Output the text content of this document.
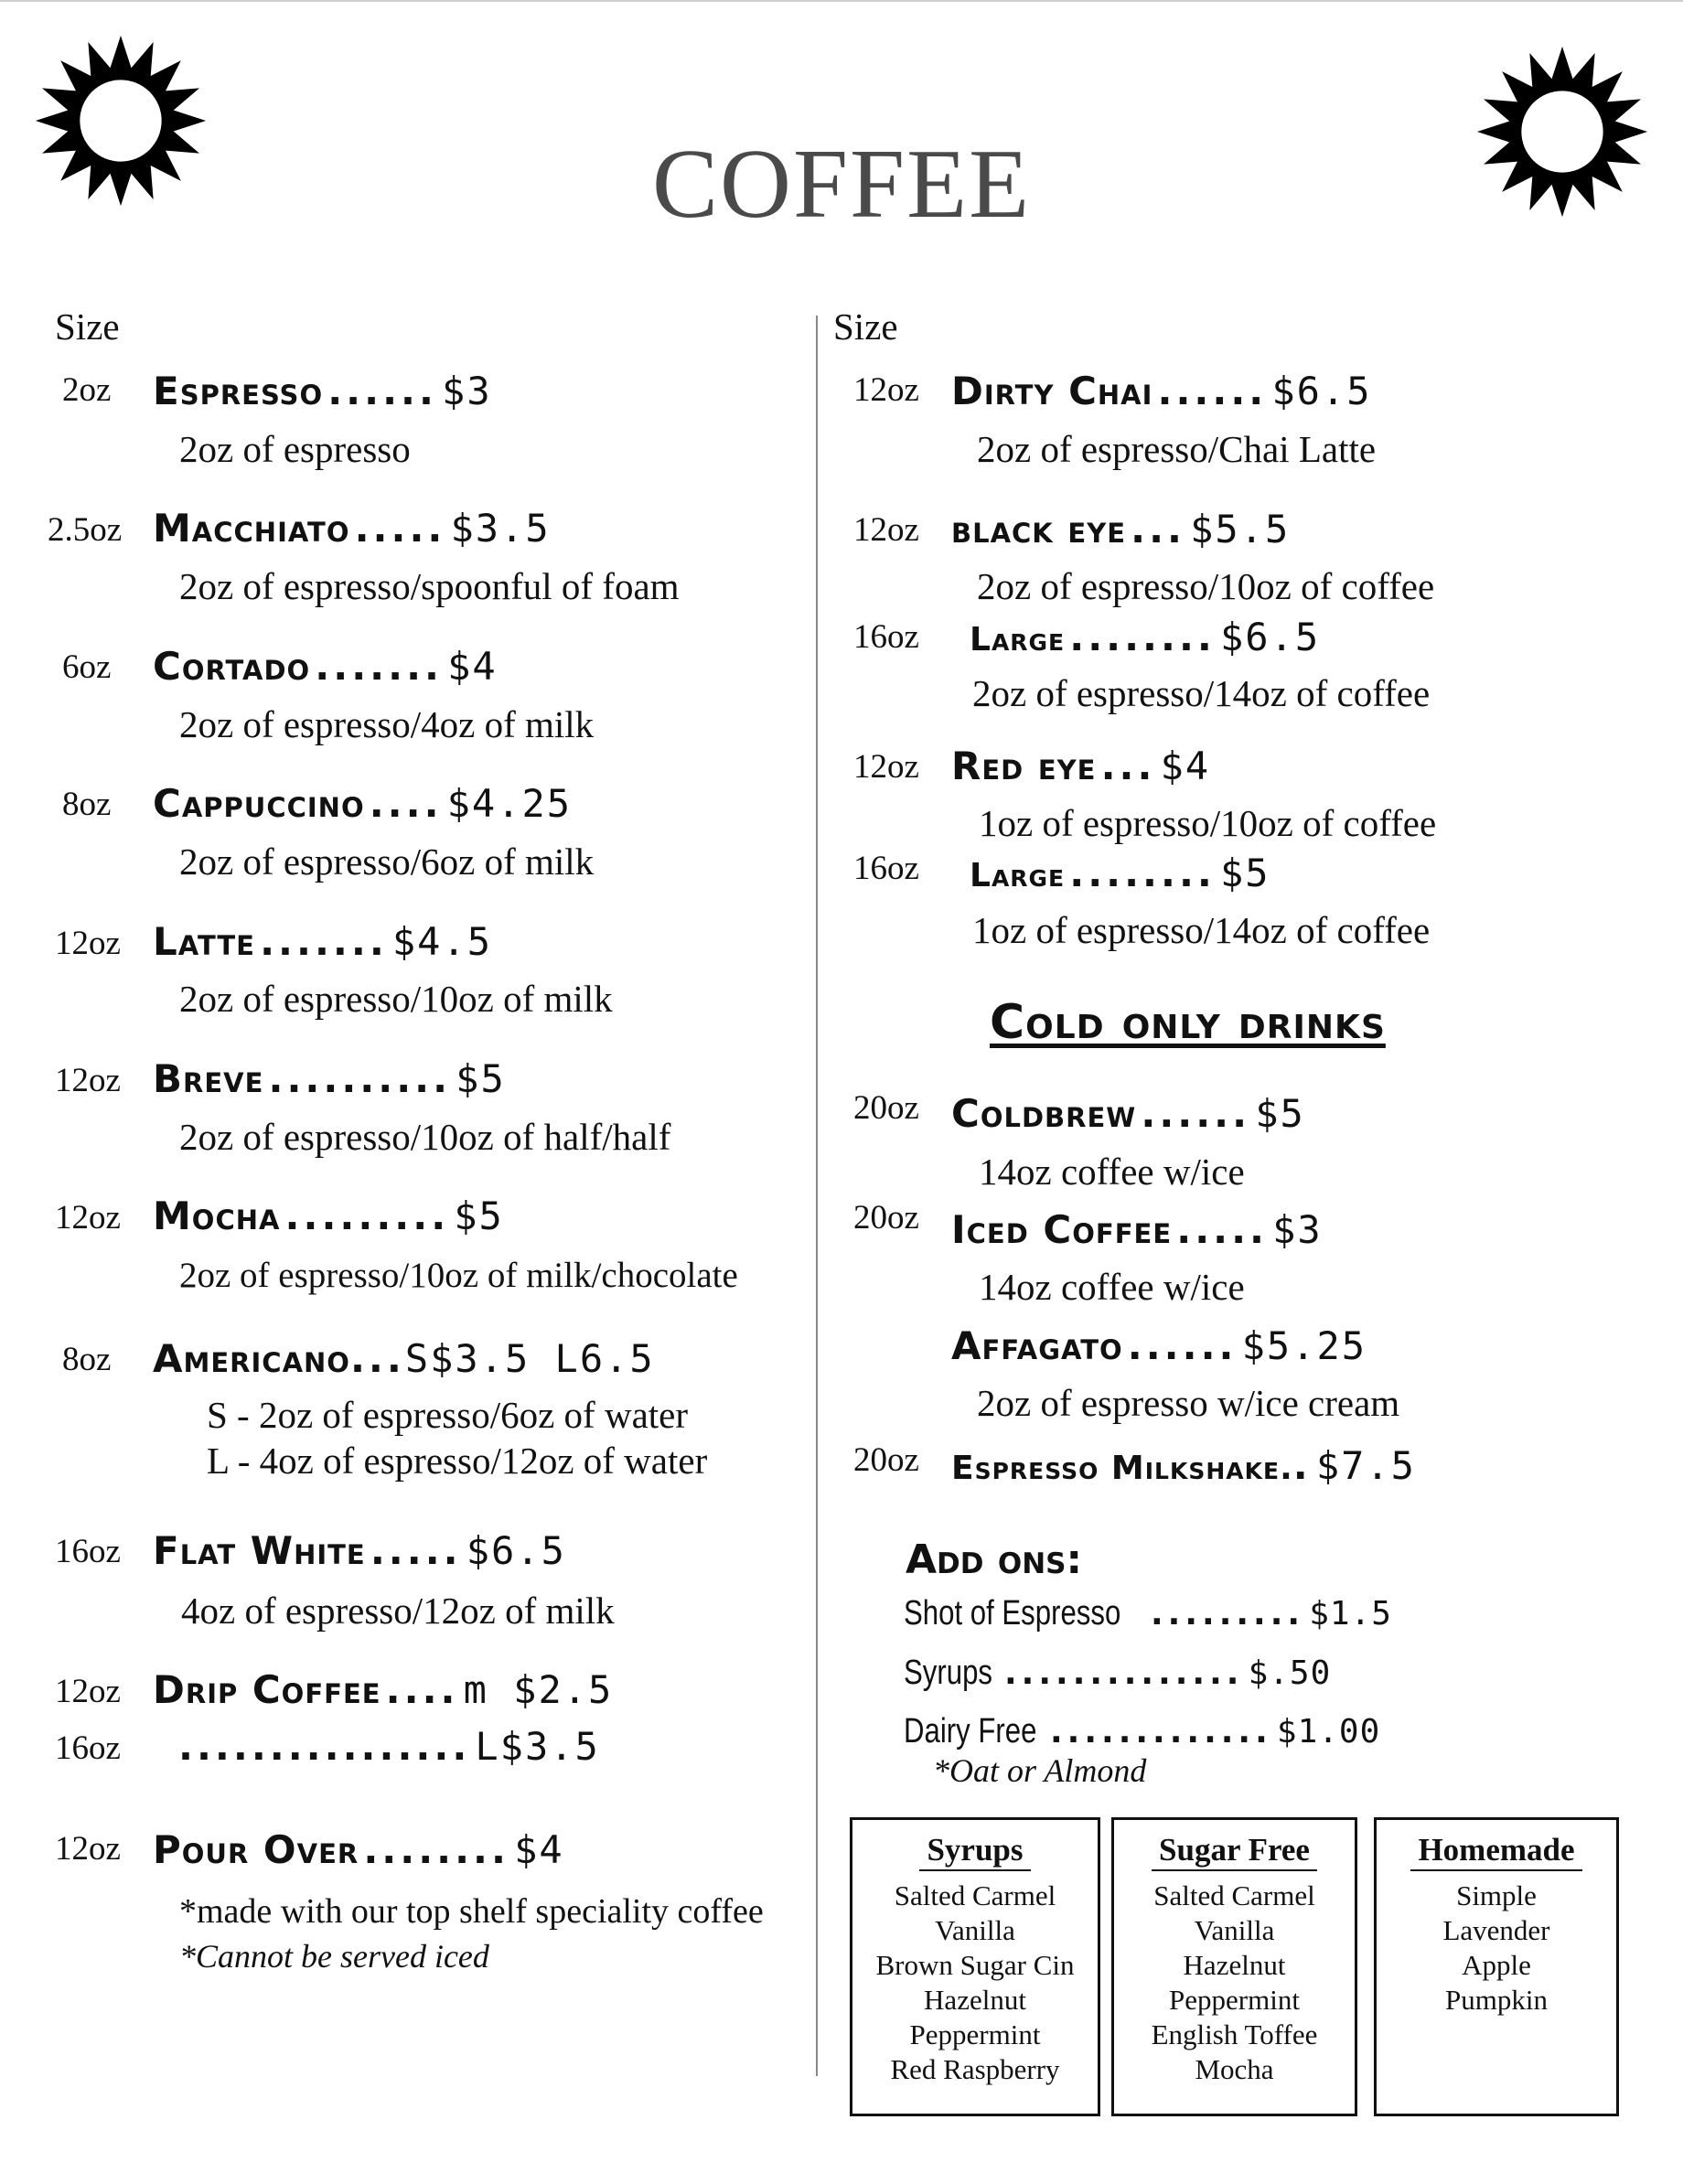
COFFEE
Size	Size
2oz Espresso ...... $3
2oz of espresso
2.5oz Macchiato ..... $3.5
2oz of espresso/spoonful of foam
6oz Cortado ....... $4
2oz of espresso/4oz of milk
8oz Cappuccino .... $4.25
2oz of espresso/6oz of milk
12oz Latte ....... $4.5
2oz of espresso/10oz of milk
12oz Breve .......... $5
2oz of espresso/10oz of half/half
12oz Mocha ......... $5
2oz of espresso/10oz of milk/chocolate
8oz Americano...S$3.5 L6.5
S - 2oz of espresso/6oz of water
L - 4oz of espresso/12oz of water
16oz Flat White ..... $6.5
4oz of espresso/12oz of milk
12oz Drip Coffee .... m $2.5
16oz ................ L$3.5
12oz Pour Over ........ $4
*made with our top shelf speciality coffee
*Cannot be served iced
12oz Dirty Chai ...... $6.5
2oz of espresso/Chai Latte
12oz black eye ... $5.5
2oz of espresso/10oz of coffee
16oz Large ........ $6.5
2oz of espresso/14oz of coffee
12oz Red eye ... $4
1oz of espresso/10oz of coffee
16oz Large ........ $5
1oz of espresso/14oz of coffee
Cold only drinks
20oz Coldbrew ...... $5
14oz coffee w/ice
20oz Iced Coffee ..... $3
14oz coffee w/ice
Affagato ...... $5.25
2oz of espresso w/ice cream
20oz Espresso Milkshake.. $7.5
Add ons:
Shot of Espresso ......... $1.5
Syrups .............. $.50
Dairy Free ............. $1.00
*Oat or Almond
Syrups
Salted Carmel
Vanilla
Brown Sugar Cin
Hazelnut
Peppermint
Red Raspberry
Sugar Free
Salted Carmel
Vanilla
Hazelnut
Peppermint
English Toffee
Mocha
Homemade
Simple
Lavender
Apple
Pumpkin
